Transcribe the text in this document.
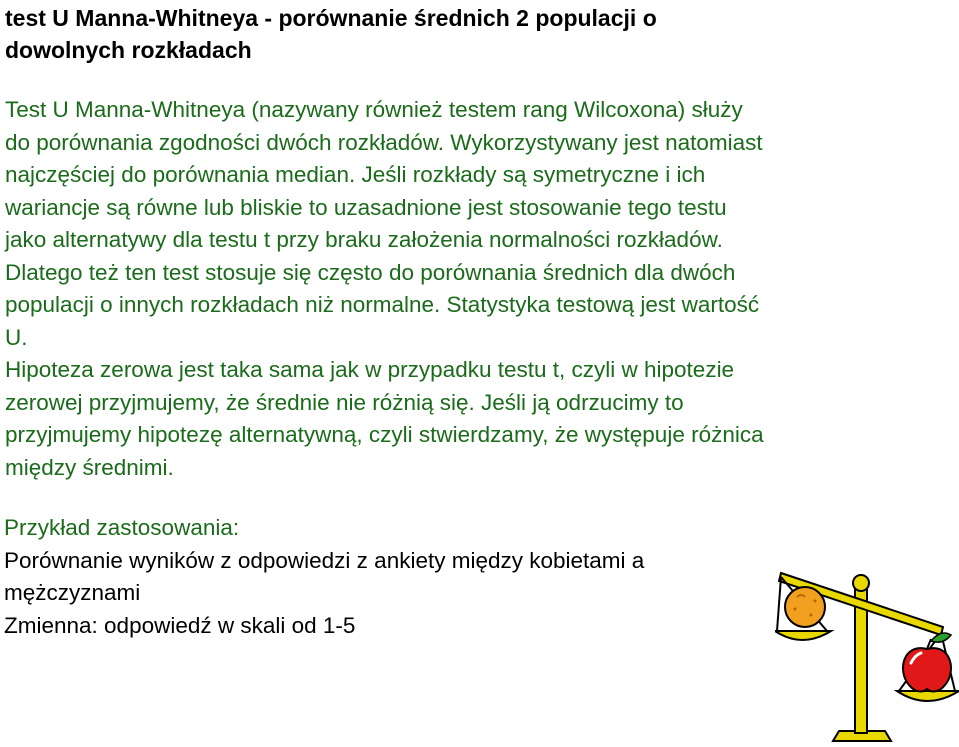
test U Manna-Whitneya - porównanie średnich 2 populacji o
dowolnych rozkładach
Test U Manna-Whitneya (nazywany również testem rang Wilcoxona) służy
do porównania zgodności dwóch rozkładów. Wykorzystywany jest natomiast
najczęściej do porównania median. Jeśli rozkłady są symetryczne i ich
wariancje są równe lub bliskie to uzasadnione jest stosowanie tego testu
jako alternatywy dla testu t przy braku założenia normalności rozkładów.
Dlatego też ten test stosuje się często do porównania średnich dla dwóch
populacji o innych rozkładach niż normalne. Statystyka testową jest wartość
U.
Hipoteza zerowa jest taka sama jak w przypadku testu t, czyli w hipotezie
zerowej przyjmujemy, że średnie nie różnią się. Jeśli ją odrzucimy to
przyjmujemy hipotezę alternatywną, czyli stwierdzamy, że występuje różnica
między średnimi.
Przykład zastosowania:
Porównanie wyników z odpowiedzi z ankiety między kobietami a
mężczyznami
Zmienna: odpowiedź w skali od 1-5
